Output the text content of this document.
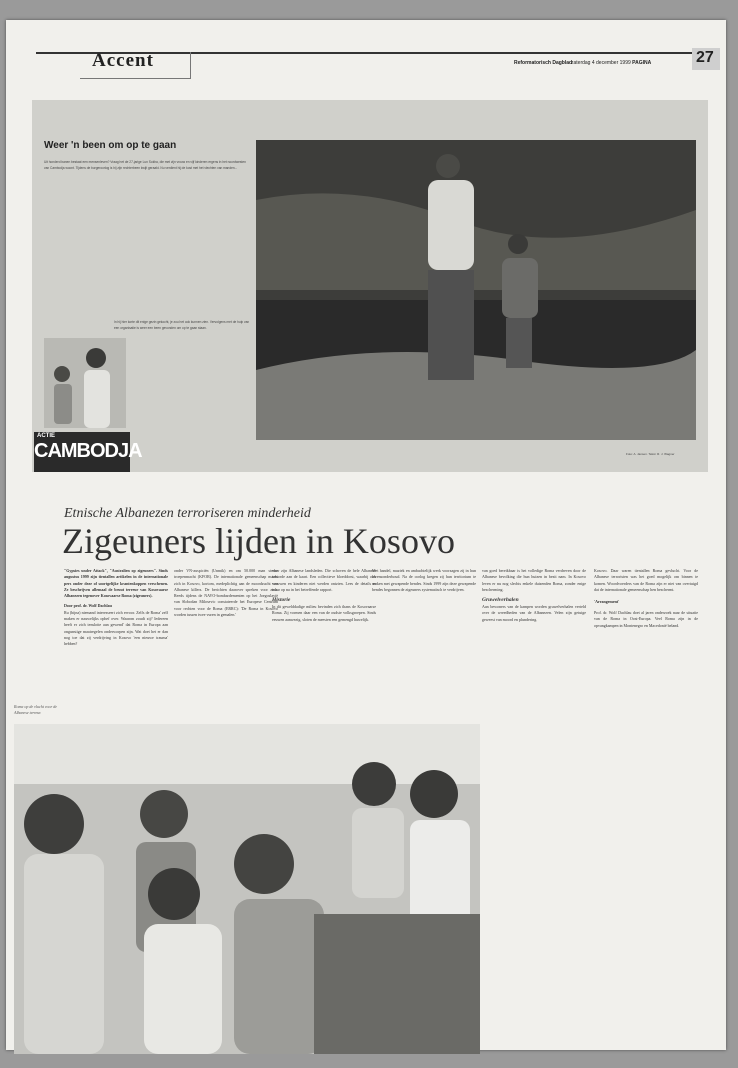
Accent	Reformatorisch Dagblad
zaterdag 4 december 1999 PAGINA	27
Weer 'n been om op te gaan
Uit honderd banen bestaat een mensenleven? Vraag het de 27-jarige Lun Sokha, die met zijn vrouw en vijf kinderen ergens in het noordwesten van Cambodja woont. Tijdens de burgeroorlog is hij zijn rechterbeen kwijt geraakt. Nu verdient hij de kost met het vlechten van manden...
In hij hier korte dit enige gezin gekocht, je zou het ook kunnen zien. Vervolgens met de hulp van een organisatie is weer een been gevonden om op te gaan staan.
Foto: A. Jansen. Tekst: R. J. Wagner
ACTIE
CAMBODJA
Etnische Albanezen terroriseren minderheid
Zigeuners lijden in Kosovo
"Gypsies under Attack", "Australien op zigeuners". Sinds augustus 1999 zijn tientallen artikelen in de internationale pers onder deze of soortgelijke krantenkoppen verschenen. Ze beschrijven allemaal de bruut terreur van Kosovaarse Albanezen tegenover Kosovaarse Roma (zigeuners).
Door prof. dr. Wolf Dachlau
Ru (bijna) niemand interesseert zich ervoor. Zelfs de Roma' zelf maken er nauwelijks ophef over. Waarom zoudt zij? Iedereen heeft er zich tenslotte aan gewend' dat Roma in Europa aan ongunstige maatregelen onderworpen zijn. Wat doet het er dan nog toe dat zij verdrijving in Kosovo 'een nieuwe trauma' hebben?
onder VN-auspiciën (Unmik) en om 50.000 man sterke troepenmacht (KFOR). De internationale gemeenschap maakt zich in Kosovo, kortom, medeplichtig aan de moordzucht van Albanese killers. De berichten daarover spreken voor zich. Reeds tijdens de NAVO-bombardementen op het Joegoslavië van Slobodan Milosevic constateerde het Europese Centrum voor rechten voor de Roma (ERRC): 'De Roma in Kosovo worden tussen twee vuren in gemalen.'
voor zijn Albanese landsleden. Die schoven de hele Albanese tresorde aan de kaart. Een collectieve bloeddorst, waarbij ook vrouwen en kinderen niet werden ontzien. Lees de details er maar op na in het betreffende rapport.
Historie
In dit gewelddadige milieu bevinden zich thans de Kosovaarse Roma. Zij vormen daar een van de oudste volksgroepen. Sinds eeuwen aanwezig, sloten de meesten een gemengd huwelijk.
Met handel, muziek en ambachtelijk werk voorzagen zij in hun levensonderhoud. Na de oorlog kregen zij hun territorium te maken met gewapende bendes. Sinds 1999 zijn deze gewapende bendes begonnen de zigeuners systematisch te verdrijven.
van goed bereikbaar is het volledige Roma verdreven door de Albanese bevolking die hun huizen in bezit nam. In Kosovo leven er nu nog slechts enkele duizenden Roma, zonder enige bescherming.
Gruwelverhalen
Aan bewoners van de kampen worden gruwelverhalen verteld over de wreedheden van de Albanezen. Velen zijn getuige geweest van moord en plundering.
Kosovo. Daar waren tientallen Roma gevlucht. Voor de Albanese terroristen was het goed mogelijk om binnen te komen. Woordvoerders van de Roma zijn er niet van overtuigd dat de internationale gemeenschap hen beschermt.
'Arrangement'
Prof. dr. Wolf Dachlau doet al jaren onderzoek naar de situatie van de Roma in Oost-Europa. Veel Roma zijn in de opvangkampen in Montenegro en Macedonië beland.
Roma op de vlucht voor de Albanese terreur.
